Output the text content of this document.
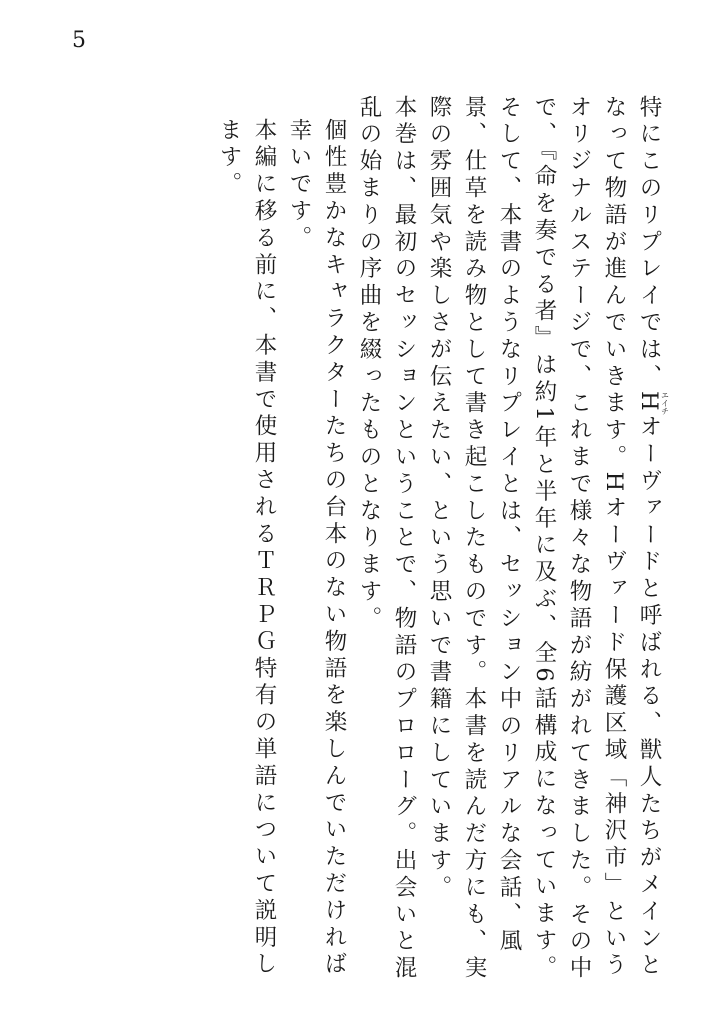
5

特にこのリプレイでは、Hエイチオーヴァードと呼ばれる、獣人たちがメインとなって物語が進んでいきます。Hオーヴァード保護区域「神沢市」というオリジナルステージで、これまで様々な物語が紡がれてきました。その中で、『命を奏でる者』は約1年と半年に及ぶ、全6話構成になっています。

そして、本書のようなリプレイとは、セッション中のリアルな会話、風景、仕草を読み物として書き起こしたものです。本書を読んだ方にも、実際の雰囲気や楽しさが伝えたい、という思いで書籍にしています。

本巻は、最初のセッションということで、物語のプロローグ。出会いと混乱の始まりの序曲を綴ったものとなります。

個性豊かなキャラクターたちの台本のない物語を楽しんでいただければ幸いです。

本編に移る前に、本書で使用されるＴＲＰＧ特有の単語について説明します。
